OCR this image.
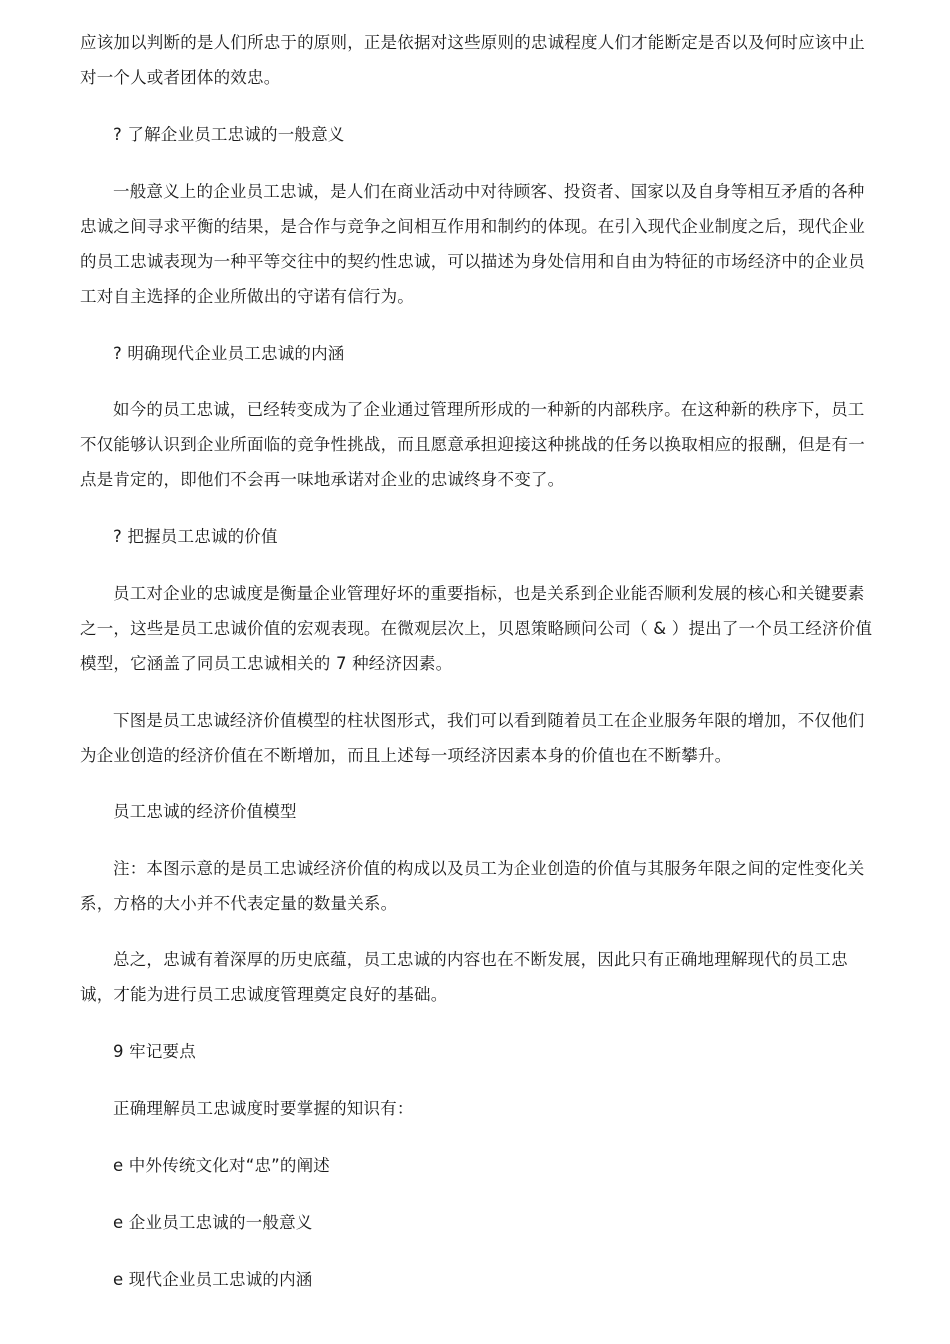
应该加以判断的是人们所忠于的原则，正是依据对这些原则的忠诚程度人们才能断定是否以及何时应该中止对一个人或者团体的效忠。

? 了解企业员工忠诚的一般意义

一般意义上的企业员工忠诚，是人们在商业活动中对待顾客、投资者、国家以及自身等相互矛盾的各种忠诚之间寻求平衡的结果，是合作与竞争之间相互作用和制约的体现。在引入现代企业制度之后，现代企业的员工忠诚表现为一种平等交往中的契约性忠诚，可以描述为身处信用和自由为特征的市场经济中的企业员工对自主选择的企业所做出的守诺有信行为。

? 明确现代企业员工忠诚的内涵

如今的员工忠诚，已经转变成为了企业通过管理所形成的一种新的内部秩序。在这种新的秩序下，员工不仅能够认识到企业所面临的竞争性挑战，而且愿意承担迎接这种挑战的任务以换取相应的报酬，但是有一点是肯定的，即他们不会再一味地承诺对企业的忠诚终身不变了。

? 把握员工忠诚的价值

员工对企业的忠诚度是衡量企业管理好坏的重要指标，也是关系到企业能否顺利发展的核心和关键要素之一，这些是员工忠诚价值的宏观表现。在微观层次上，贝恩策略顾问公司（ & ）提出了一个员工经济价值模型，它涵盖了同员工忠诚相关的 7 种经济因素。

下图是员工忠诚经济价值模型的柱状图形式，我们可以看到随着员工在企业服务年限的增加，不仅他们为企业创造的经济价值在不断增加，而且上述每一项经济因素本身的价值也在不断攀升。

员工忠诚的经济价值模型

注：本图示意的是员工忠诚经济价值的构成以及员工为企业创造的价值与其服务年限之间的定性变化关系，方格的大小并不代表定量的数量关系。

总之，忠诚有着深厚的历史底蕴，员工忠诚的内容也在不断发展，因此只有正确地理解现代的员工忠诚，才能为进行员工忠诚度管理奠定良好的基础。

9 牢记要点

正确理解员工忠诚度时要掌握的知识有：

e 中外传统文化对“忠”的阐述

e 企业员工忠诚的一般意义

e 现代企业员工忠诚的内涵
